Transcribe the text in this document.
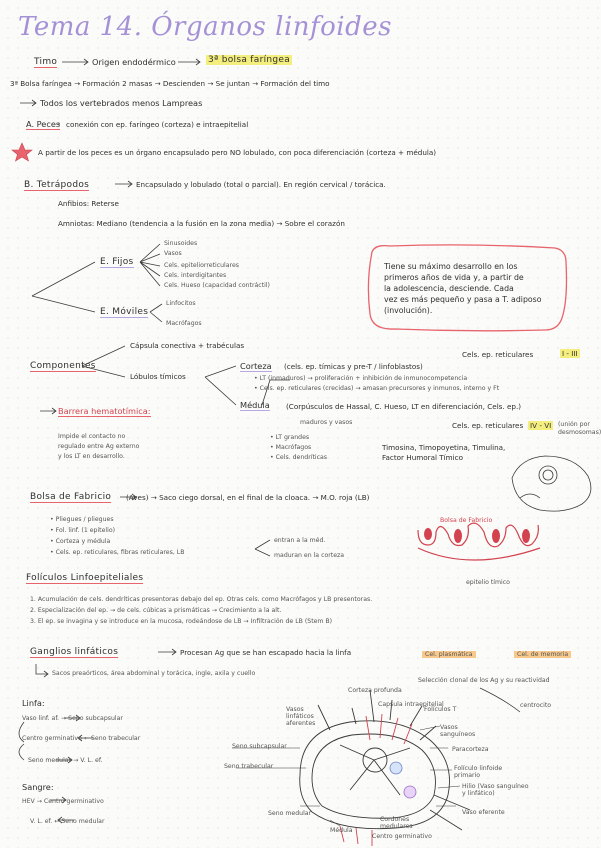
Tema 14. Órganos linfoides
Timo	Origen endodérmico	3ª bolsa faríngea
3ª Bolsa faríngea → Formación 2 masas → Descienden → Se juntan → Formación del timo
Todos los vertebrados menos Lampreas
A. Peces conexión con ep. faríngeo (corteza) e intraepitelial
A partir de los peces es un órgano encapsulado pero NO lobulado, con poca diferenciación (corteza + médula)
B. Tetrápodos	Encapsulado y lobulado (total o parcial). En región cervical / torácica.
Anfibios: Reterse
Amniotas: Mediano (tendencia a la fusión en la zona media) → Sobre el corazón
E. Fijos
Sinusoides
Vasos
Cels. epiteliorreticulares
Cels. interdigitantes
Cels. Hueso (capacidad contráctil)
E. Móviles
Linfocitos
Macrófagos
Tiene su máximo desarrollo en los
primeros años de vida y, a partir de
la adolescencia, desciende. Cada
vez es más pequeño y pasa a T. adiposo
(involución).
Componentes
Cápsula conectiva + trabéculas
Lóbulos tímicos
Corteza (cels. ep. tímicas y pre-T / linfoblastos)
• LT (inmaduros) → proliferación + inhibición de inmunocompetencia
• Cels. ep. reticulares (crecidas) → amasan precursores y inmunos, interno y Ft
Cels. ep. reticulares	I - III
Médula (Corpúsculos de Hassal, C. Hueso, LT en diferenciación, Cels. ep.)
maduros y vasos	Cels. ep. reticulares IV - VI	(unión por desmosomas)
• LT grandes
• Macrófagos
• Cels. dendríticas
Timosina, Timopoyetina, Timulina,
Factor Humoral Tímico
Barrera hematotímica:
Impide el contacto no
regulado entre Ag externo
y los LT en desarrollo.
Bolsa de Fabricio (Aves) → Saco ciego dorsal, en el final de la cloaca. → M.O. roja (LB)
• Pliegues / pliegues
• Fol. linf. (1 epitelio)
• Corteza y médula
• Cels. ep. reticulares, fibras reticulares, LB
entran a la méd.
maduran en la corteza
Bolsa de Fabricio
epitelio tímico
Folículos Linfoepiteliales
1. Acumulación de cels. dendríticas presentoras debajo del ep. Otras cels. como Macrófagos y LB presentoras.
2. Especialización del ep. → de cels. cúbicas a prismáticas → Crecimiento a la alt.
3. El ep. se invagina y se introduce en la mucosa, rodeándose de LB → Infiltración de LB (Stem B)
Ganglios linfáticos	Procesan Ag que se han escapado hacia la linfa
Sacos preaórticos, área abdominal y torácica, ingle, axila y cuello
Cel. plasmática	Cel. de memoria
Selección clonal de los Ag y su reactividad
centrocito
Linfa:
Vaso linf. af. → Seno subcapsular
Centro germinativo ← Seno trabecular
Seno medular → V. L. ef.
Sangre:
HEV → Centro germinativo
V. L. ef. ← Seno medular
Corteza profunda
Vasos linfáticos aferentes
Capsula intraepitelial
Folículos T
Vasos sanguíneos
Paracorteza
Folículo linfoide primario
Hilio (Vaso sanguíneo y linfático)
Vaso eferente
Seno subcapsular
Seno trabecular
Seno medular
Médula
Cordones medulares
Centro germinativo
